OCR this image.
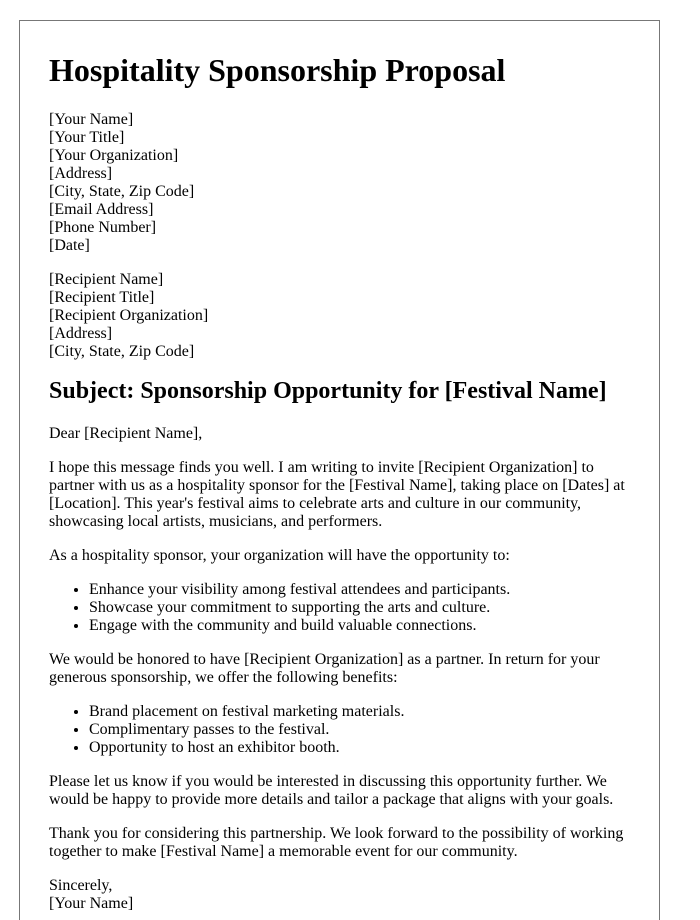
Hospitality Sponsorship Proposal
[Your Name]
[Your Title]
[Your Organization]
[Address]
[City, State, Zip Code]
[Email Address]
[Phone Number]
[Date]
[Recipient Name]
[Recipient Title]
[Recipient Organization]
[Address]
[City, State, Zip Code]
Subject: Sponsorship Opportunity for [Festival Name]

Dear [Recipient Name],

I hope this message finds you well. I am writing to invite [Recipient Organization] to partner with us as a hospitality sponsor for the [Festival Name], taking place on [Dates] at [Location]. This year's festival aims to celebrate arts and culture in our community, showcasing local artists, musicians, and performers.

As a hospitality sponsor, your organization will have the opportunity to:

• Enhance your visibility among festival attendees and participants.
• Showcase your commitment to supporting the arts and culture.
• Engage with the community and build valuable connections.

We would be honored to have [Recipient Organization] as a partner. In return for your generous sponsorship, we offer the following benefits:

• Brand placement on festival marketing materials.
• Complimentary passes to the festival.
• Opportunity to host an exhibitor booth.

Please let us know if you would be interested in discussing this opportunity further. We would be happy to provide more details and tailor a package that aligns with your goals.

Thank you for considering this partnership. We look forward to the possibility of working together to make [Festival Name] a memorable event for our community.

Sincerely,
[Your Name]
